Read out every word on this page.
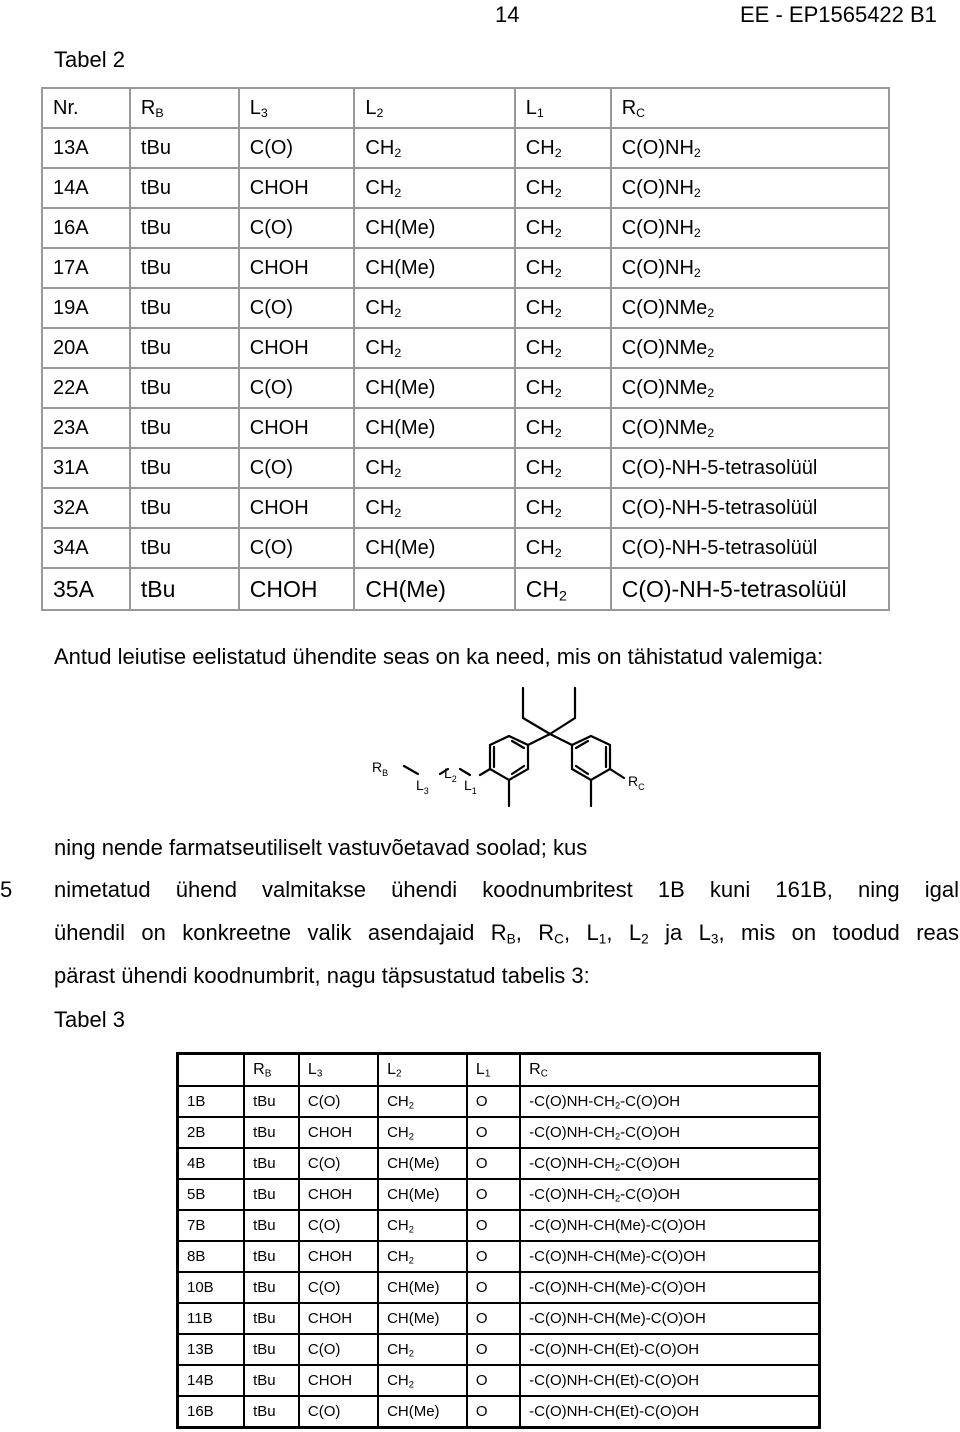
14	EE - EP1565422 B1
Tabel 2
Nr.	$R_B$	$L_3$	$L_2$	$L_1$	$R_C$
13A	tBu	C(O)	$CH_2$	$CH_2$	$C(O)NH_2$
14A	tBu	CHOH	$CH_2$	$CH_2$	$C(O)NH_2$
16A	tBu	C(O)	CH(Me)	$CH_2$	$C(O)NH_2$
17A	tBu	CHOH	CH(Me)	$CH_2$	$C(O)NH_2$
19A	tBu	C(O)	$CH_2$	$CH_2$	C(O)NMe$_2$
20A	tBu	CHOH	$CH_2$	$CH_2$	C(O)NMe$_2$
22A	tBu	C(O)	CH(Me)	$CH_2$	C(O)NMe$_2$
23A	tBu	CHOH	CH(Me)	$CH_2$	C(O)NMe$_2$
31A	tBu	C(O)	$CH_2$	$CH_2$	C(O)-NH-5-tetrasolüül
32A	tBu	CHOH	$CH_2$	$CH_2$	C(O)-NH-5-tetrasolüül
34A	tBu	C(O)	CH(Me)	$CH_2$	C(O)-NH-5-tetrasolüül
35A	tBu	CHOH	CH(Me)	$CH_2$	C(O)-NH-5-tetrasolüül
Antud leiutise eelistatud ühendite seas on ka need, mis on tähistatud valemiga:
$R_B$
$L_3$
$L_2$ $L_1$
$R_C$
ning nende farmatseutiliselt vastuvõetavad soolad; kus
5 nimetatud ühend valmitakse ühendi koodnumbritest 1B kuni 161B, ning igal
ühendil on konkreetne valik asendajaid $R_B$, $R_C$, $L_1$, $L_2$ ja $L_3$, mis on toodud reas
pärast ühendi koodnumbrit, nagu täpsustatud tabelis 3:
Tabel 3
	$R_B$	$L_3$	$L_2$	$L_1$	$R_C$
1B	tBu	C(O)	$CH_2$	O	$-C(O)NH-CH_2-C(O)OH$
2B	tBu	CHOH	$CH_2$	O	$-C(O)NH-CH_2-C(O)OH$
4B	tBu	C(O)	CH(Me)	O	$-C(O)NH-CH_2-C(O)OH$
5B	tBu	CHOH	CH(Me)	O	$-C(O)NH-CH_2-C(O)OH$
7B	tBu	C(O)	$CH_2$	O	-C(O)NH-CH(Me)-C(O)OH
8B	tBu	CHOH	$CH_2$	O	-C(O)NH-CH(Me)-C(O)OH
10B	tBu	C(O)	CH(Me)	O	-C(O)NH-CH(Me)-C(O)OH
11B	tBu	CHOH	CH(Me)	O	-C(O)NH-CH(Me)-C(O)OH
13B	tBu	C(O)	$CH_2$	O	-C(O)NH-CH(Et)-C(O)OH
14B	tBu	CHOH	$CH_2$	O	-C(O)NH-CH(Et)-C(O)OH
16B	tBu	C(O)	CH(Me)	O	-C(O)NH-CH(Et)-C(O)OH
